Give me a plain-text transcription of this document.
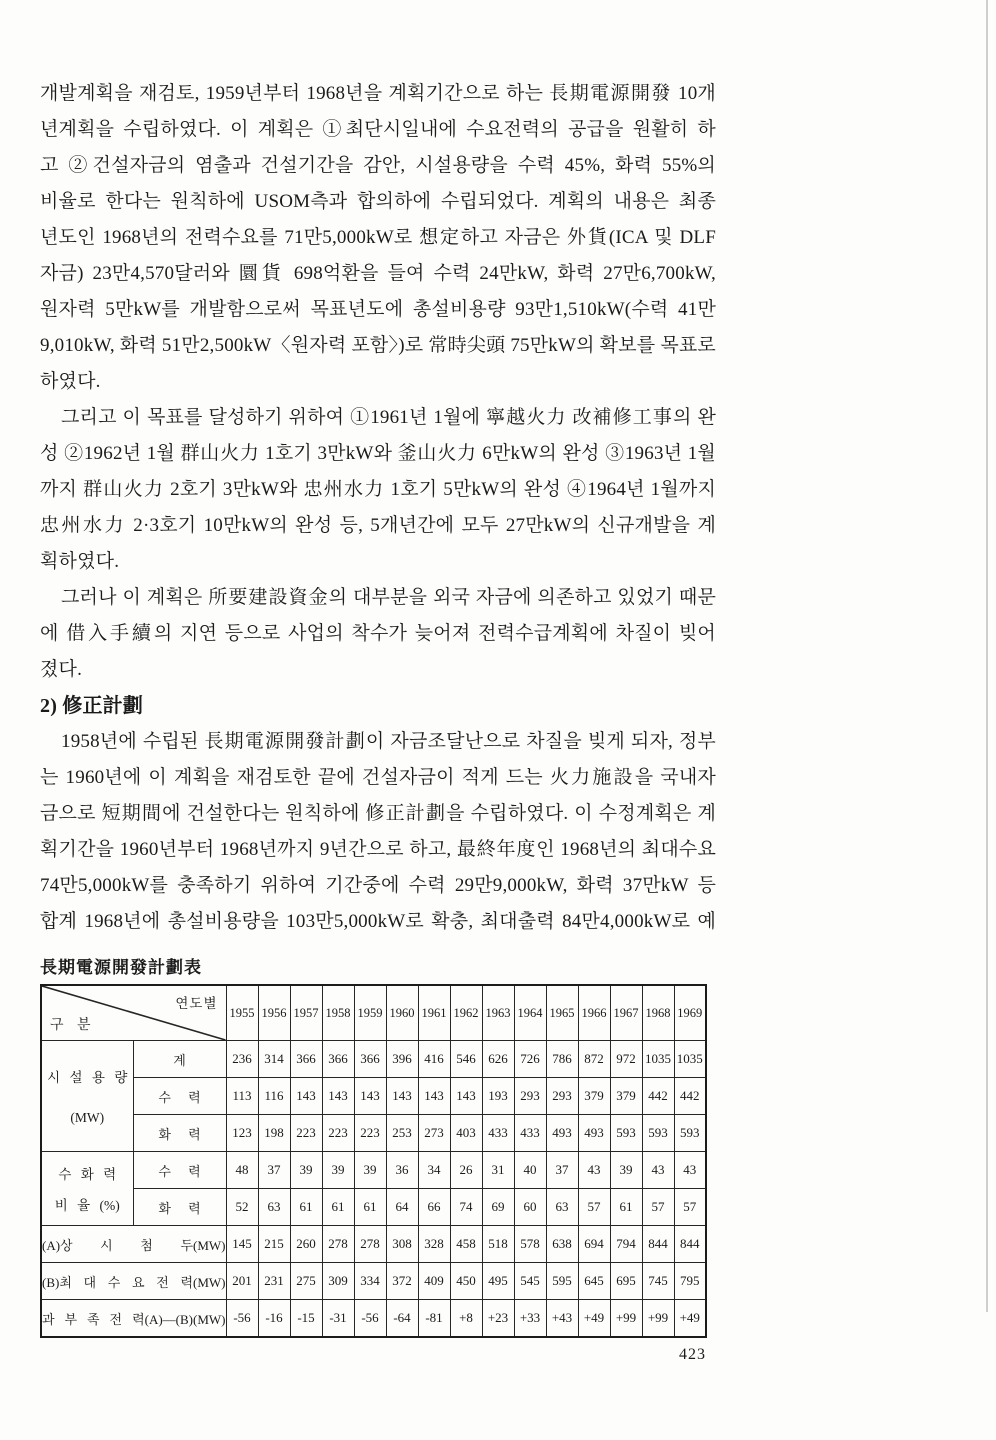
개발계획을 재검토, 1959년부터 1968년을 계획기간으로 하는 長期電源開發 10개
년계획을 수립하였다. 이 계획은 ①최단시일내에 수요전력의 공급을 원활히 하
고 ②건설자금의 염출과 건설기간을 감안, 시설용량을 수력 45%, 화력 55%의
비율로 한다는 원칙하에 USOM측과 합의하에 수립되었다. 계획의 내용은 최종
년도인 1968년의 전력수요를 71만5,000kW로 想定하고 자금은 外貨(ICA 및 DLF
자금) 23만4,570달러와 圜貨 698억환을 들여 수력 24만kW, 화력 27만6,700kW,
원자력 5만kW를 개발함으로써 목표년도에 총설비용량 93만1,510kW(수력 41만
9,010kW, 화력 51만2,500kW〈원자력 포함〉)로 常時尖頭 75만kW의 확보를 목표로
하였다.
그리고 이 목표를 달성하기 위하여 ①1961년 1월에 寧越火力 改補修工事의 완
성 ②1962년 1월 群山火力 1호기 3만kW와 釜山火力 6만kW의 완성 ③1963년 1월
까지 群山火力 2호기 3만kW와 忠州水力 1호기 5만kW의 완성 ④1964년 1월까지
忠州水力 2·3호기 10만kW의 완성 등, 5개년간에 모두 27만kW의 신규개발을 계
획하였다.
그러나 이 계획은 所要建設資金의 대부분을 외국 자금에 의존하고 있었기 때문
에 借入手續의 지연 등으로 사업의 착수가 늦어져 전력수급계획에 차질이 빚어
졌다.
2) 修正計劃
1958년에 수립된 長期電源開發計劃이 자금조달난으로 차질을 빚게 되자, 정부
는 1960년에 이 계획을 재검토한 끝에 건설자금이 적게 드는 火力施設을 국내자
금으로 短期間에 건설한다는 원칙하에 修正計劃을 수립하였다. 이 수정계획은 계
획기간을 1960년부터 1968년까지 9년간으로 하고, 最終年度인 1968년의 최대수요
74만5,000kW를 충족하기 위하여 기간중에 수력 29만9,000kW, 화력 37만kW 등
합계 1968년에 총설비용량을 103만5,000kW로 확충, 최대출력 84만4,000kW로 예
長期電源開發計劃表
연도별
구 분		1955	1956	1957	1958	1959	1960	1961	1962	1963	1964	1965	1966	1967	1968	1969

시 설 용 량
(MW)	계	236	314	366	366	366	396	416	546	626	726	786	872	972	1035	1035
	수 력	113	116	143	143	143	143	143	143	193	293	293	379	379	442	442
	화 력	123	198	223	223	223	253	273	403	433	433	493	493	593	593	593

수 화 력
비 율 (%)	수 력	48	37	39	39	39	36	34	26	31	40	37	43	39	43	43
	화 력	52	63	61	61	61	64	66	74	69	60	63	57	61	57	57
(A)상 시 첨 두(MW)		145	215	260	278	278	308	328	458	518	578	638	694	794	844	844
(B)최 대 수 요 전 력(MW)		201	231	275	309	334	372	409	450	495	545	595	645	695	745	795
과 부 족 전 력(A)—(B)(MW)		-56	-16	-15	-31	-56	-64	-81	+8	+23	+33	+43	+49	+99	+99	+49
423
